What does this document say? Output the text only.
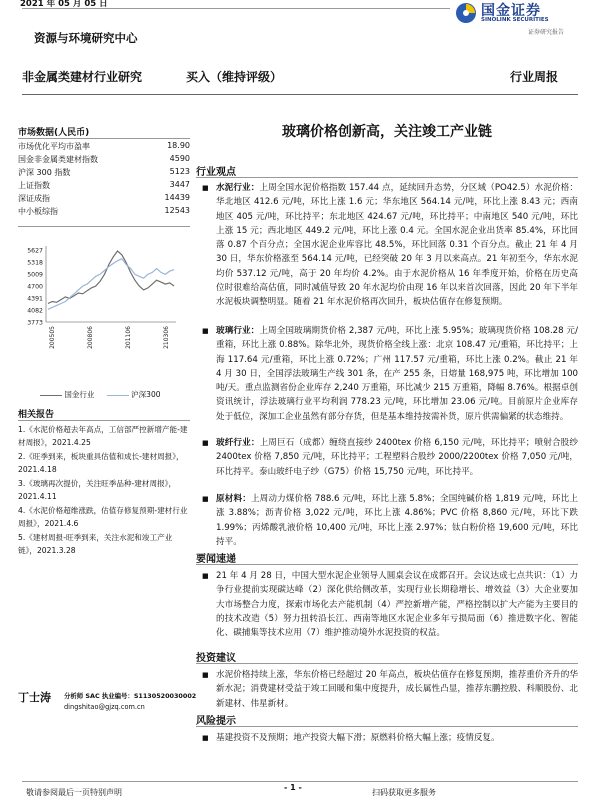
2021 年 05 月 05 日	国金证券
SINOLINK SECURITIES
证券研究报告
资源与环境研究中心
非金属类建材行业研究	买入（维持评级）	行业周报
玻璃价格创新高，关注竣工产业链
市场数据(人民币)
市场优化平均市盈率	18.90
国金非金属类建材指数	4590
沪深 300 指数	5123
上证指数	3447
深证成指	14439
中小板综指	12543
5627
5318
5009
4700
4391
4082
3773
200505	200806	201106	210306
国金行业	沪深300
相关报告
1.《水泥价格超去年高点，工信部严控新增产能-建材周报》，2021.4.25
2.《旺季到来，板块重具估值和成长-建材周报》，2021.4.18
3.《玻璃再次提价，关注旺季品种-建材周报》，2021.4.11
4.《水泥价格超维涨跌，估值存修复预期-建材行业周报》，2021.4.6
5.《建材周报-旺季到来，关注水泥和竣工产业链》，2021.3.28
丁士涛 分析师 SAC 执业编号：S1130520030002
dingshitao@gjzq.com.cn
行业观点
■ 水泥行业：上周全国水泥价格指数 157.44 点，延续回升态势，分区域（PO42.5）水泥价格：华北地区 412.6 元/吨，环比上涨 1.6 元；华东地区 564.14 元/吨，环比上涨 8.43 元；西南地区 405 元/吨，环比持平；东北地区 424.67 元/吨，环比持平；中南地区 540 元/吨，环比上涨 15 元；西北地区 449.2 元/吨，环比上涨 0.4 元。全国水泥企业出货率 85.4%，环比回落 0.87 个百分点；全国水泥企业库容比 48.5%，环比回落 0.31 个百分点。截止 21 年 4 月 30 日，华东价格涨至 564.14 元/吨，已经突破 20 年 3 月以来高点。21 年初至今，华东水泥均价 537.12 元/吨，高于 20 年均价 4.2%。由于水泥价格从 16 年季度开始，价格在历史高位时很难给高估值，同时减值导致 20 年水泥均价由现 16 年以来首次回落，因此 20 年下半年水泥板块调整明显。随着 21 年水泥价格再次回升，板块估值存在修复预期。
■ 玻璃行业：上周全国玻璃期货价格 2,387 元/吨，环比上涨 5.95%；玻璃现货价格 108.28 元/重箱，环比上涨 0.88%。除华北外，现货价格全线上涨：北京 108.47 元/重箱，环比持平；上海 117.64 元/重箱，环比上涨 0.72%；广州 117.57 元/重箱，环比上涨 0.2%。截止 21 年 4 月 30 日，全国浮法玻璃生产线 301 条，在产 255 条，日熔量 168,975 吨，环比增加 100 吨/天。重点监测省份企业库存 2,240 万重箱，环比减少 215 万重箱，降幅 8.76%。根据卓创资讯统计，浮法玻璃行业平均利润 778.23 元/吨，环比增加 23.06 元/吨。目前原片企业库存处于低位，深加工企业虽然有部分存货，但是基本维持按需补货，原片供需偏紧的状态维持。
■ 玻纤行业：上周巨石（成都）缠绕直接纱 2400tex 价格 6,150 元/吨，环比持平；喷射合股纱 2400tex 价格 7,850 元/吨，环比持平；工程塑料合股纱 2000/2200tex 价格 7,050 元/吨，环比持平。泰山玻纤电子纱（G75）价格 15,750 元/吨，环比持平。
■ 原材料：上周动力煤价格 788.6 元/吨，环比上涨 5.8%；全国纯碱价格 1,819 元/吨，环比上涨 3.88%；沥青价格 3,022 元/吨，环比上涨 4.86%；PVC 价格 8,860 元/吨，环比下跌 1.99%；丙烯酸乳液价格 10,400 元/吨，环比上涨 2.97%；钛白粉价格 19,600 元/吨，环比持平。
要闻速递
■ 21 年 4 月 28 日，中国大型水泥企业领导人圆桌会议在成都召开。会议达成七点共识：（1）力争行业提前实现碳达峰（2）深化供给侧改革，实现行业长期稳增长、增效益（3）大企业要加大市场整合力度，探索市场化去产能机制（4）严控新增产能，严格控制以扩大产能为主要目的的技术改造（5）努力扭转沿长江、西南等地区水泥企业多年亏损局面（6）推进数字化、智能化、碳捕集等技术应用（7）维护推动境外水泥投资的权益。
投资建议
■ 水泥价格持续上涨，华东价格已经超过 20 年高点，板块估值存在修复预期，推荐重价齐升的华新水泥；消费建材受益于竣工回暖和集中度提升，成长属性凸显，推荐东鹏控股、科顺股份、北新建材、伟星新材。
风险提示
■ 基建投资不及预期；地产投资大幅下滑；原燃料价格大幅上涨；疫情反复。
敬请参阅最后一页特别声明
- 1 -
扫码获取更多服务
